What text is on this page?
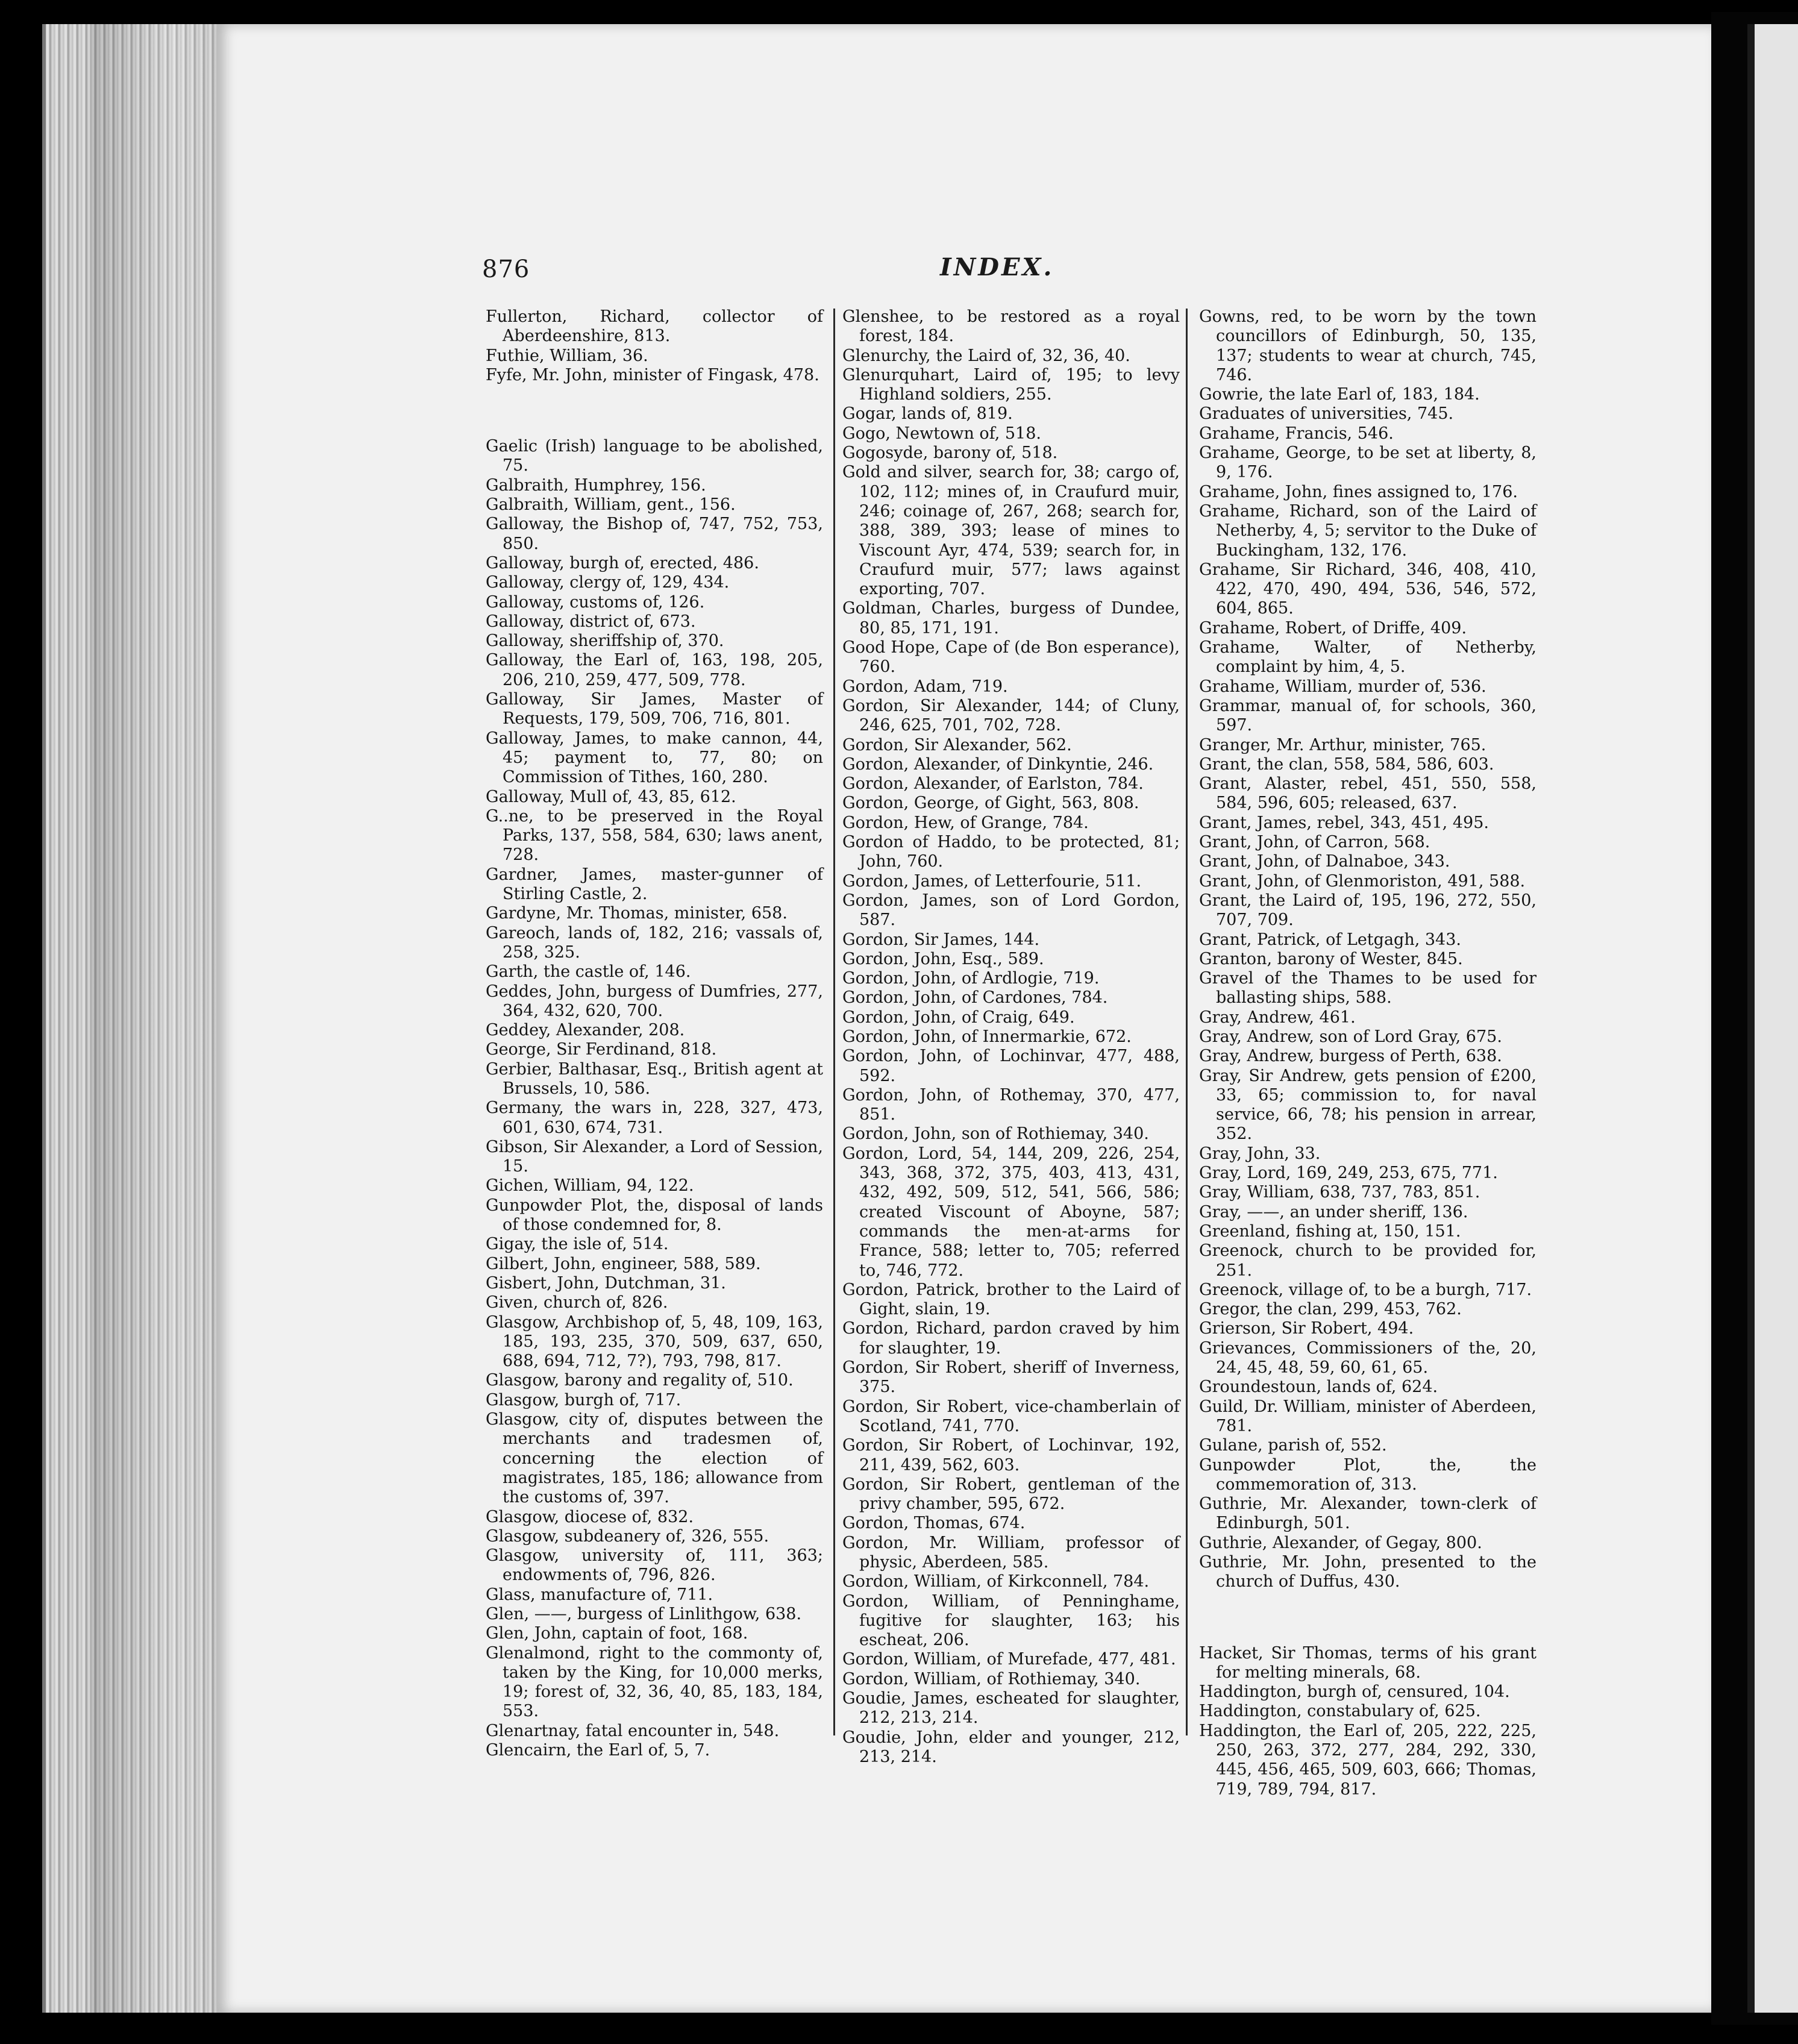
876	INDEX.

Fullerton, Richard, collector of Aberdeenshire, 813.

Futhie, William, 36.

Fyfe, Mr. John, minister of Fingask, 478.

Gaelic (Irish) language to be abolished, 75.

Galbraith, Humphrey, 156.

Galbraith, William, gent., 156.

Galloway, the Bishop of, 747, 752, 753, 850.

Galloway, burgh of, erected, 486.

Galloway, clergy of, 129, 434.

Galloway, customs of, 126.

Galloway, district of, 673.

Galloway, sheriffship of, 370.

Galloway, the Earl of, 163, 198, 205, 206, 210, 259, 477, 509, 778.

Galloway, Sir James, Master of Requests, 179, 509, 706, 716, 801.

Galloway, James, to make cannon, 44, 45; payment to, 77, 80; on Commission of Tithes, 160, 280.

Galloway, Mull of, 43, 85, 612.

G..ne, to be preserved in the Royal Parks, 137, 558, 584, 630; laws anent, 728.

Gardner, James, master-gunner of Stirling Castle, 2.

Gardyne, Mr. Thomas, minister, 658.

Gareoch, lands of, 182, 216; vassals of, 258, 325.

Garth, the castle of, 146.

Geddes, John, burgess of Dumfries, 277, 364, 432, 620, 700.

Geddey, Alexander, 208.

George, Sir Ferdinand, 818.

Gerbier, Balthasar, Esq., British agent at Brussels, 10, 586.

Germany, the wars in, 228, 327, 473, 601, 630, 674, 731.

Gibson, Sir Alexander, a Lord of Session, 15.

Gichen, William, 94, 122.

Gunpowder Plot, the, disposal of lands of those condemned for, 8.

Gigay, the isle of, 514.

Gilbert, John, engineer, 588, 589.

Gisbert, John, Dutchman, 31.

Given, church of, 826.

Glasgow, Archbishop of, 5, 48, 109, 163, 185, 193, 235, 370, 509, 637, 650, 688, 694, 712, 7?), 793, 798, 817.

Glasgow, barony and regality of, 510.

Glasgow, burgh of, 717.

Glasgow, city of, disputes between the merchants and tradesmen of, concerning the election of magistrates, 185, 186; allowance from the customs of, 397.

Glasgow, diocese of, 832.

Glasgow, subdeanery of, 326, 555.

Glasgow, university of, 111, 363; endowments of, 796, 826.

Glass, manufacture of, 711.

Glen, ——, burgess of Linlithgow, 638.

Glen, John, captain of foot, 168.

Glenalmond, right to the commonty of, taken by the King, for 10,000 merks, 19; forest of, 32, 36, 40, 85, 183, 184, 553.

Glenartnay, fatal encounter in, 548.

Glencairn, the Earl of, 5, 7.

Glenshee, to be restored as a royal forest, 184.

Glenurchy, the Laird of, 32, 36, 40.

Glenurquhart, Laird of, 195; to levy Highland soldiers, 255.

Gogar, lands of, 819.

Gogo, Newtown of, 518.

Gogosyde, barony of, 518.

Gold and silver, search for, 38; cargo of, 102, 112; mines of, in Craufurd muir, 246; coinage of, 267, 268; search for, 388, 389, 393; lease of mines to Viscount Ayr, 474, 539; search for, in Craufurd muir, 577; laws against exporting, 707.

Goldman, Charles, burgess of Dundee, 80, 85, 171, 191.

Good Hope, Cape of (de Bon esperance), 760.

Gordon, Adam, 719.

Gordon, Sir Alexander, 144; of Cluny, 246, 625, 701, 702, 728.

Gordon, Sir Alexander, 562.

Gordon, Alexander, of Dinkyntie, 246.

Gordon, Alexander, of Earlston, 784.

Gordon, George, of Gight, 563, 808.

Gordon, Hew, of Grange, 784.

Gordon of Haddo, to be protected, 81; John, 760.

Gordon, James, of Letterfourie, 511.

Gordon, James, son of Lord Gordon, 587.

Gordon, Sir James, 144.

Gordon, John, Esq., 589.

Gordon, John, of Ardlogie, 719.

Gordon, John, of Cardones, 784.

Gordon, John, of Craig, 649.

Gordon, John, of Innermarkie, 672.

Gordon, John, of Lochinvar, 477, 488, 592.

Gordon, John, of Rothemay, 370, 477, 851.

Gordon, John, son of Rothiemay, 340.

Gordon, Lord, 54, 144, 209, 226, 254, 343, 368, 372, 375, 403, 413, 431, 432, 492, 509, 512, 541, 566, 586; created Viscount of Aboyne, 587; commands the men-at-arms for France, 588; letter to, 705; referred to, 746, 772.

Gordon, Patrick, brother to the Laird of Gight, slain, 19.

Gordon, Richard, pardon craved by him for slaughter, 19.

Gordon, Sir Robert, sheriff of Inverness, 375.

Gordon, Sir Robert, vice-chamberlain of Scotland, 741, 770.

Gordon, Sir Robert, of Lochinvar, 192, 211, 439, 562, 603.

Gordon, Sir Robert, gentleman of the privy chamber, 595, 672.

Gordon, Thomas, 674.

Gordon, Mr. William, professor of physic, Aberdeen, 585.

Gordon, William, of Kirkconnell, 784.

Gordon, William, of Penninghame, fugitive for slaughter, 163; his escheat, 206.

Gordon, William, of Murefade, 477, 481.

Gordon, William, of Rothiemay, 340.

Goudie, James, escheated for slaughter, 212, 213, 214.

Goudie, John, elder and younger, 212, 213, 214.

Gowns, red, to be worn by the town councillors of Edinburgh, 50, 135, 137; students to wear at church, 745, 746.

Gowrie, the late Earl of, 183, 184.

Graduates of universities, 745.

Grahame, Francis, 546.

Grahame, George, to be set at liberty, 8, 9, 176.

Grahame, John, fines assigned to, 176.

Grahame, Richard, son of the Laird of Netherby, 4, 5; servitor to the Duke of Buckingham, 132, 176.

Grahame, Sir Richard, 346, 408, 410, 422, 470, 490, 494, 536, 546, 572, 604, 865.

Grahame, Robert, of Driffe, 409.

Grahame, Walter, of Netherby, complaint by him, 4, 5.

Grahame, William, murder of, 536.

Grammar, manual of, for schools, 360, 597.

Granger, Mr. Arthur, minister, 765.

Grant, the clan, 558, 584, 586, 603.

Grant, Alaster, rebel, 451, 550, 558, 584, 596, 605; released, 637.

Grant, James, rebel, 343, 451, 495.

Grant, John, of Carron, 568.

Grant, John, of Dalnaboe, 343.

Grant, John, of Glenmoriston, 491, 588.

Grant, the Laird of, 195, 196, 272, 550, 707, 709.

Grant, Patrick, of Letgagh, 343.

Granton, barony of Wester, 845.

Gravel of the Thames to be used for ballasting ships, 588.

Gray, Andrew, 461.

Gray, Andrew, son of Lord Gray, 675.

Gray, Andrew, burgess of Perth, 638.

Gray, Sir Andrew, gets pension of £200, 33, 65; commission to, for naval service, 66, 78; his pension in arrear, 352.

Gray, John, 33.

Gray, Lord, 169, 249, 253, 675, 771.

Gray, William, 638, 737, 783, 851.

Gray, ——, an under sheriff, 136.

Greenland, fishing at, 150, 151.

Greenock, church to be provided for, 251.

Greenock, village of, to be a burgh, 717.

Gregor, the clan, 299, 453, 762.

Grierson, Sir Robert, 494.

Grievances, Commissioners of the, 20, 24, 45, 48, 59, 60, 61, 65.

Groundestoun, lands of, 624.

Guild, Dr. William, minister of Aberdeen, 781.

Gulane, parish of, 552.

Gunpowder Plot, the, the commemoration of, 313.

Guthrie, Mr. Alexander, town-clerk of Edinburgh, 501.

Guthrie, Alexander, of Gegay, 800.

Guthrie, Mr. John, presented to the church of Duffus, 430.

Hacket, Sir Thomas, terms of his grant for melting minerals, 68.

Haddington, burgh of, censured, 104.

Haddington, constabulary of, 625.

Haddington, the Earl of, 205, 222, 225, 250, 263, 372, 277, 284, 292, 330, 445, 456, 465, 509, 603, 666; Thomas, 719, 789, 794, 817.
